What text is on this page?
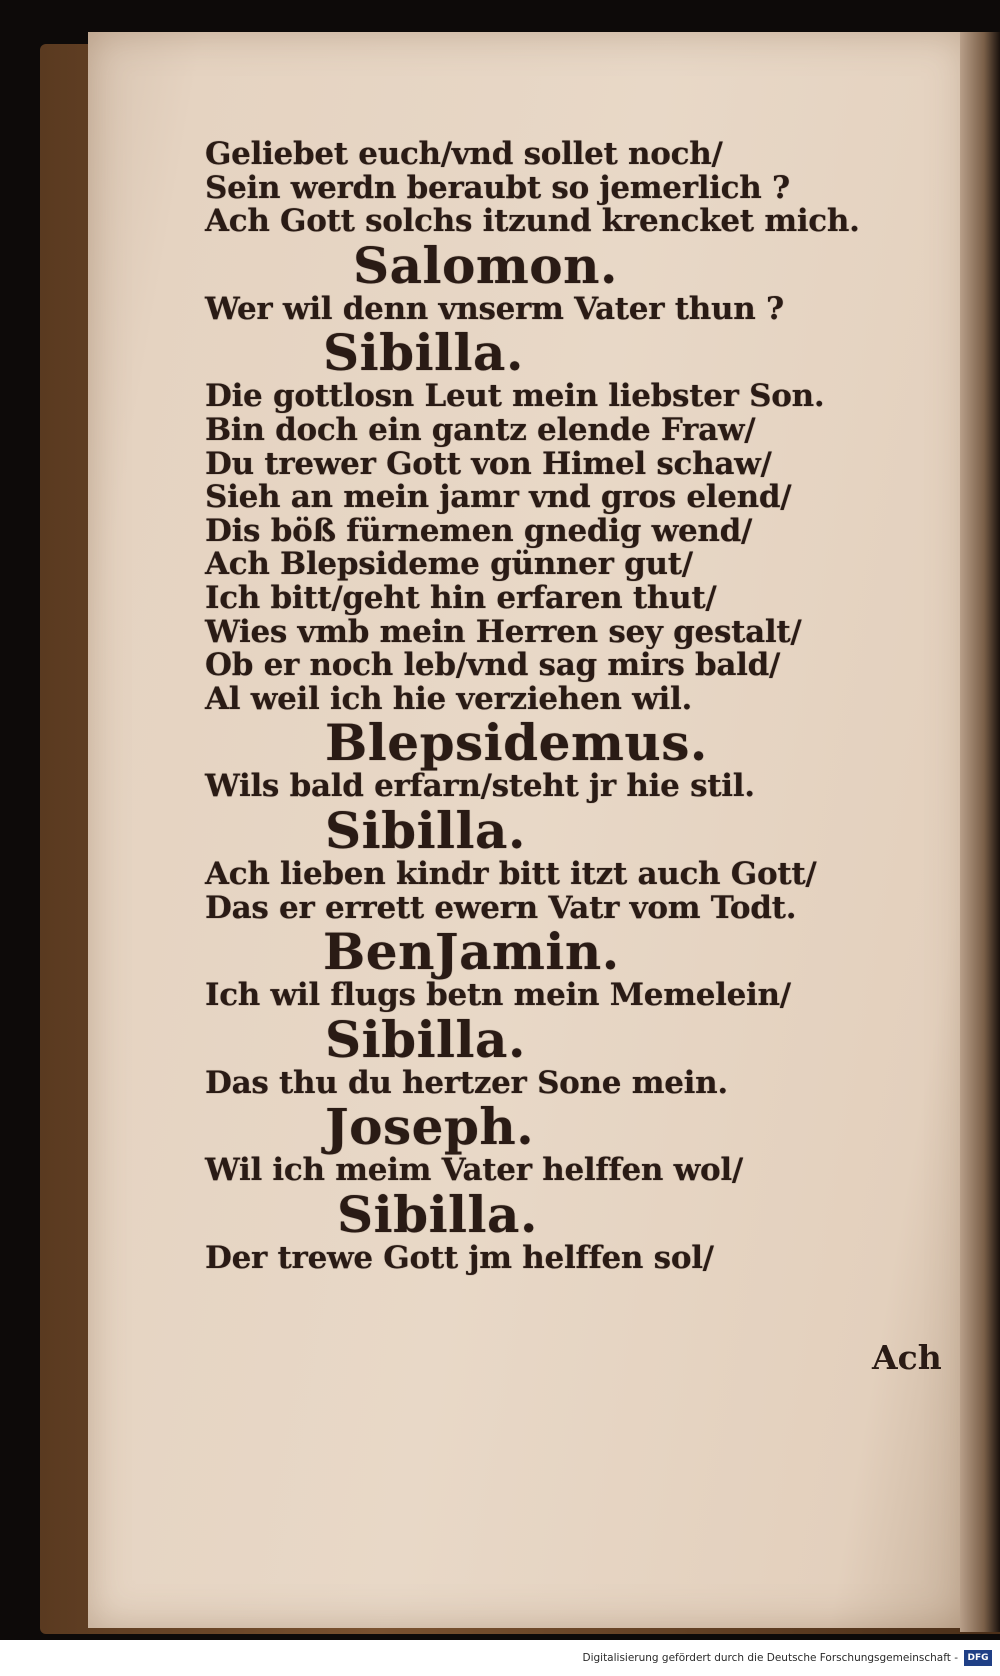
Geliebet euch/vnd sollet noch/
Sein werdn beraubt so jemerlich ?
Ach Gott solchs itzund krencket mich.
Salomon.
Wer wil denn vnserm Vater thun ?
Sibilla.
Die gottlosn Leut mein liebster Son.
Bin doch ein gantz elende Fraw/
Du trewer Gott von Himel schaw/
Sieh an mein jamr vnd gros elend/
Dis böß fürnemen gnedig wend/
Ach Blepsideme günner gut/
Ich bitt/geht hin erfaren thut/
Wies vmb mein Herren sey gestalt/
Ob er noch leb/vnd sag mirs bald/
Al weil ich hie verziehen wil.
Blepsidemus.
Wils bald erfarn/steht jr hie stil.
Sibilla.
Ach lieben kindr bitt itzt auch Gott/
Das er errett ewern Vatr vom Todt.
BenJamin.
Ich wil flugs betn mein Memelein/
Sibilla.
Das thu du hertzer Sone mein.
Joseph.
Wil ich meim Vater helffen wol/
Sibilla.
Der trewe Gott jm helffen sol/
Ach
Digitalisierung gefördert durch die Deutsche Forschungsgemeinschaft -	DFG
